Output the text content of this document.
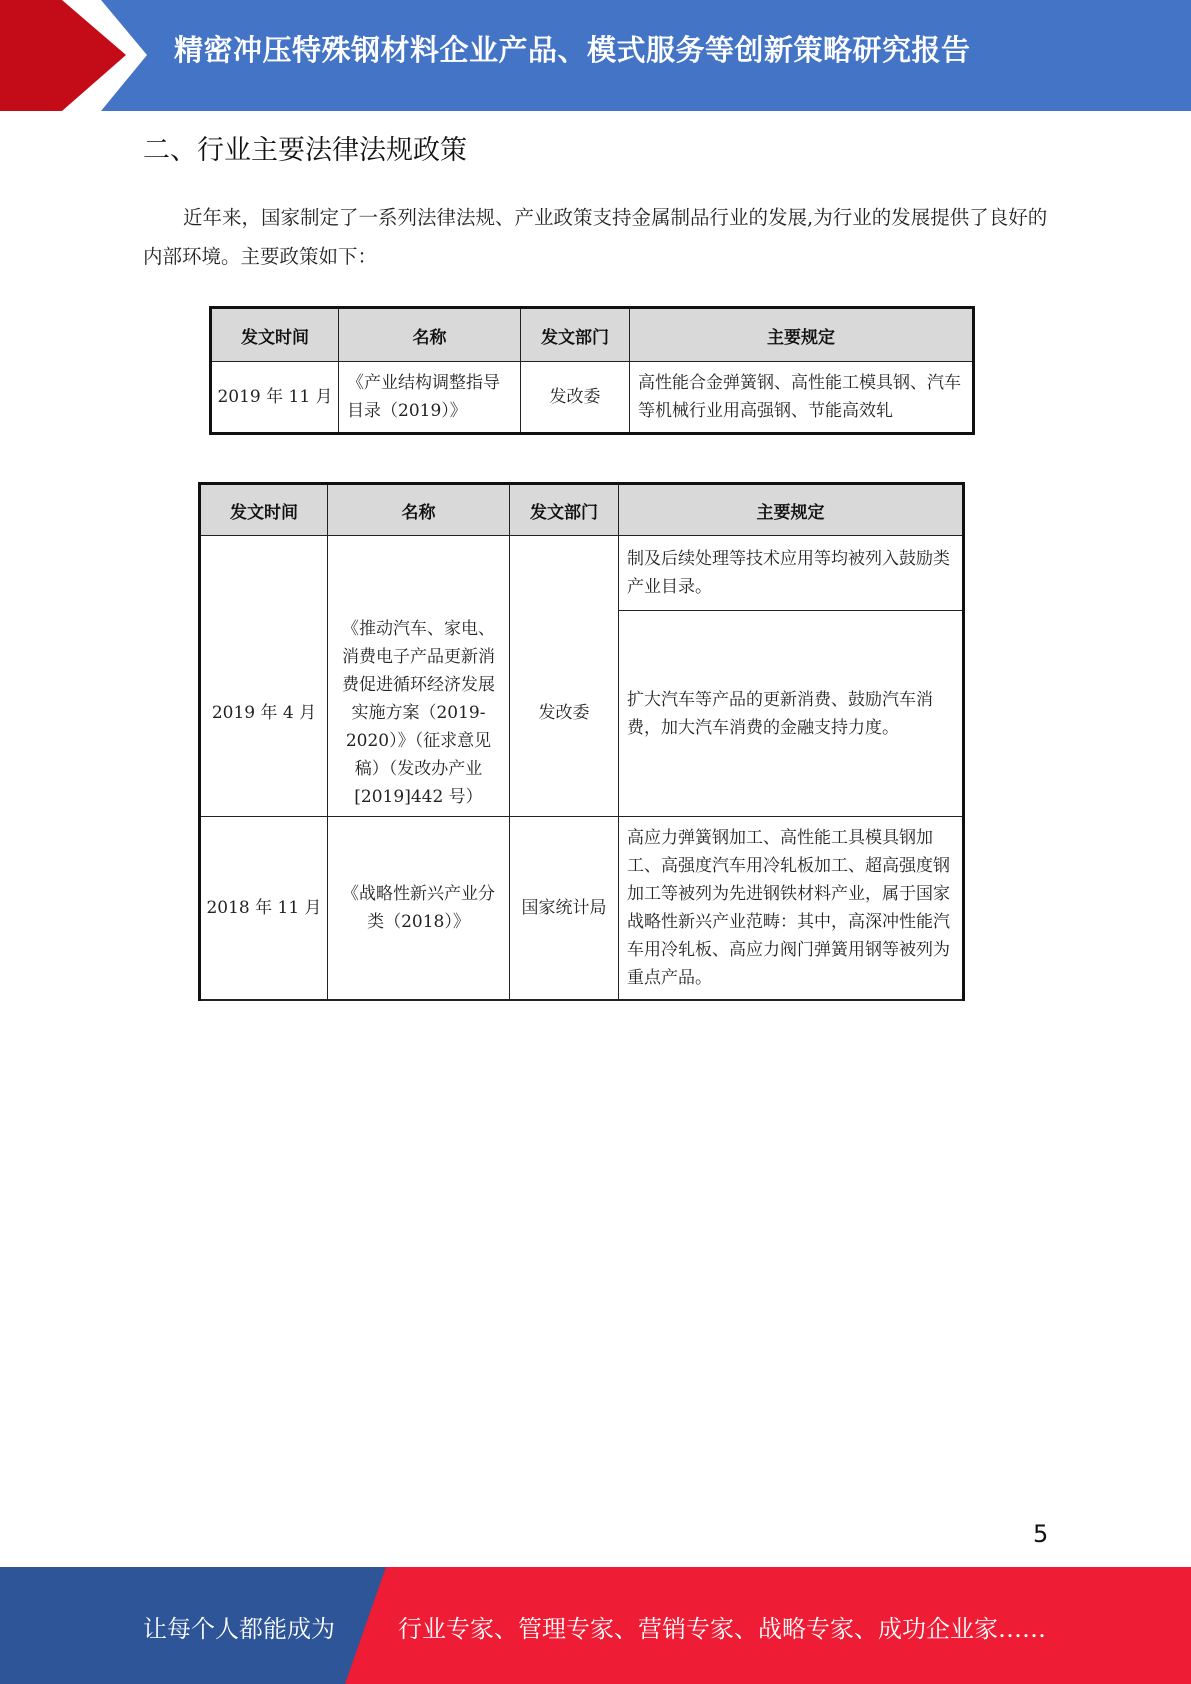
精密冲压特殊钢材料企业产品、模式服务等创新策略研究报告
二、行业主要法律法规政策

近年来，国家制定了一系列法律法规、产业政策支持金属制品行业的发展,为行业的发展提供了良好的内部环境。主要政策如下：

发文时间	名称	发文部门	主要规定
2019 年 11 月	《产业结构调整指导目录（2019）》	发改委	高性能合金弹簧钢、高性能工模具钢、汽车等机械行业用高强钢、节能高效轧
发文时间	名称	发文部门	主要规定
			制及后续处理等技术应用等均被列入鼓励类产业目录。
2019 年 4 月	《推动汽车、家电、消费电子产品更新消费促进循环经济发展实施方案（2019-2020）》（征求意见稿）（发改办产业[2019]442 号）	发改委	扩大汽车等产品的更新消费、鼓励汽车消费，加大汽车消费的金融支持力度。
2018 年 11 月	《战略性新兴产业分类（2018）》	国家统计局	高应力弹簧钢加工、高性能工具模具钢加工、高强度汽车用冷轧板加工、超高强度钢加工等被列为先进钢铁材料产业，属于国家战略性新兴产业范畴：其中，高深冲性能汽车用冷轧板、高应力阀门弹簧用钢等被列为重点产品。
5
让每个人都能成为	行业专家、管理专家、营销专家、战略专家、成功企业家……
